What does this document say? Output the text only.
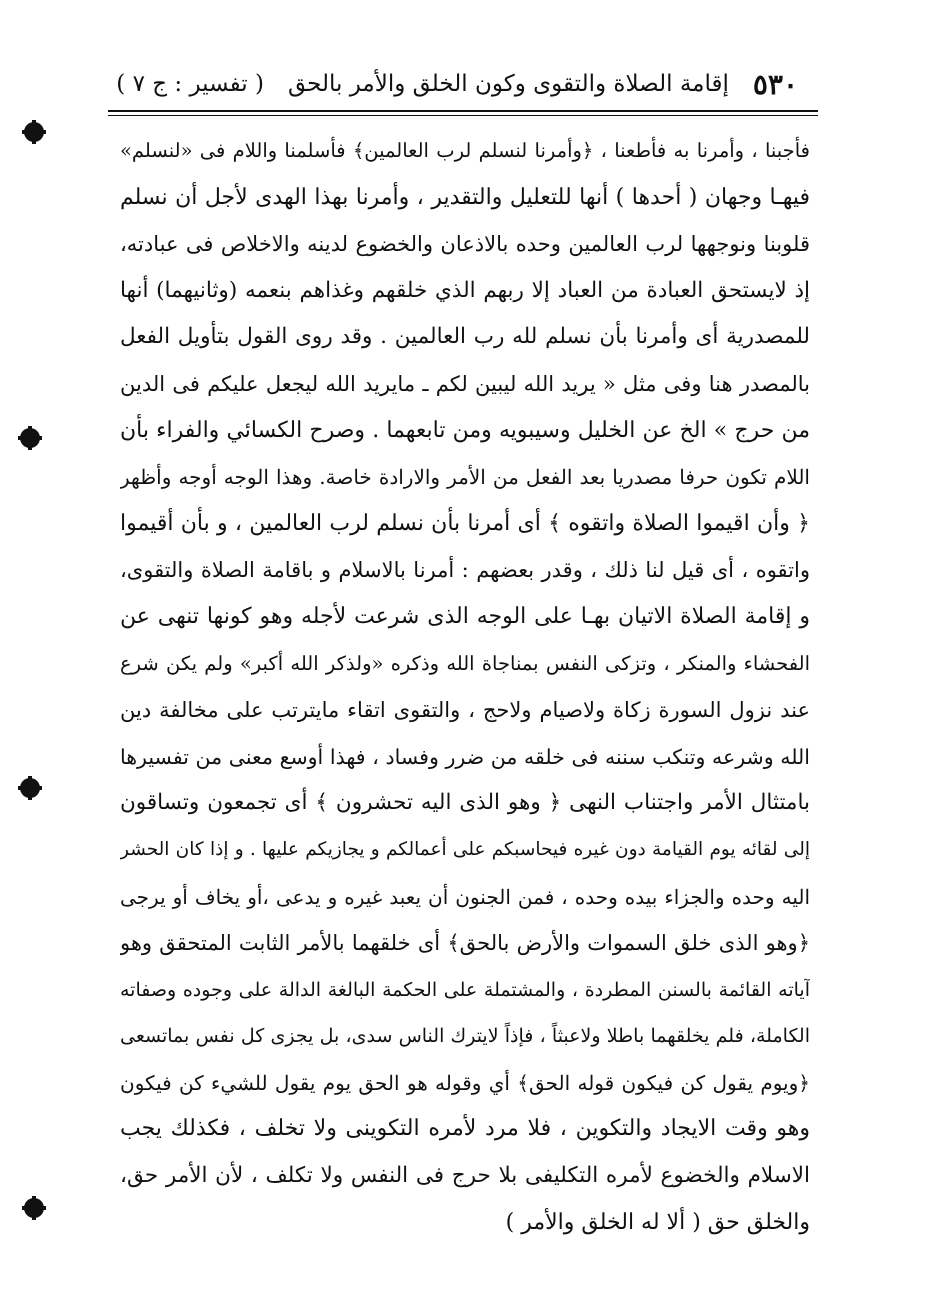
٥٣٠
إقامة الصلاة والتقوى وكون الخلق والأمر بالحق
( تفسير : ج ٧ )
فأجبنا ، وأمرنا به فأطعنا ، ﴿وأمرنا لنسلم لرب العالمين﴾ فأسلمنا واللام فى «لنسلم»
فيهـا وجهان ( أحدها ) أنها للتعليل والتقدير ، وأمرنا بهذا الهدى لأجل أن نسلم
قلوبنا ونوجهها لرب العالمين وحده بالاذعان والخضوع لدينه والاخلاص فى عبادته،
إذ لايستحق العبادة من العباد إلا ربهم الذي خلقهم وغذاهم بنعمه (وثانيهما) أنها
للمصدرية أى وأمرنا بأن نسلم لله رب العالمين . وقد روى القول بتأويل الفعل
بالمصدر هنا وفى مثل « يريد الله ليبين لكم ـ مايريد الله ليجعل عليكم فى الدين
من حرج » الخ عن الخليل وسيبويه ومن تابعهما . وصرح الكسائي والفراء بأن
اللام تكون حرفا مصدريا بعد الفعل من الأمر والارادة خاصة. وهذا الوجه أوجه وأظهر
﴿ وأن اقيموا الصلاة واتقوه ﴾ أى أمرنا بأن نسلم لرب العالمين ، و بأن أقيموا
واتقوه ، أى قيل لنا ذلك ، وقدر بعضهم : أمرنا بالاسلام و باقامة الصلاة والتقوى،
و إقامة الصلاة الاتيان بهـا على الوجه الذى شرعت لأجله وهو كونها تنهى عن
الفحشاء والمنكر ، وتزكى النفس بمناجاة الله وذكره «ولذكر الله أكبر» ولم يكن شرع
عند نزول السورة زكاة ولاصيام ولاحج ، والتقوى اتقاء مايترتب على مخالفة دين
الله وشرعه وتنكب سننه فى خلقه من ضرر وفساد ، فهذا أوسع معنى من تفسيرها
بامتثال الأمر واجتناب النهى ﴿ وهو الذى اليه تحشرون ﴾ أى تجمعون وتساقون
إلى لقائه يوم القيامة دون غيره فيحاسبكم على أعمالكم و يجازيكم عليها . و إذا كان الحشر
اليه وحده والجزاء بيده وحده ، فمن الجنون أن يعبد غيره و يدعى ،أو يخاف أو يرجى
﴿وهو الذى خلق السموات والأرض بالحق﴾ أى خلقهما بالأمر الثابت المتحقق وهو
آياته القائمة بالسنن المطردة ، والمشتملة على الحكمة البالغة الدالة على وجوده وصفاته
الكاملة، فلم يخلقهما باطلا ولاعبثاً ، فإذاً لايترك الناس سدى، بل يجزى كل نفس بماتسعى
﴿ويوم يقول كن فيكون قوله الحق﴾ أي وقوله هو الحق يوم يقول للشيء كن فيكون
وهو وقت الايجاد والتكوين ، فلا مرد لأمره التكوينى ولا تخلف ، فكذلك يجب
الاسلام والخضوع لأمره التكليفى بلا حرج فى النفس ولا تكلف ، لأن الأمر حق،
والخلق حق ( ألا له الخلق والأمر )
